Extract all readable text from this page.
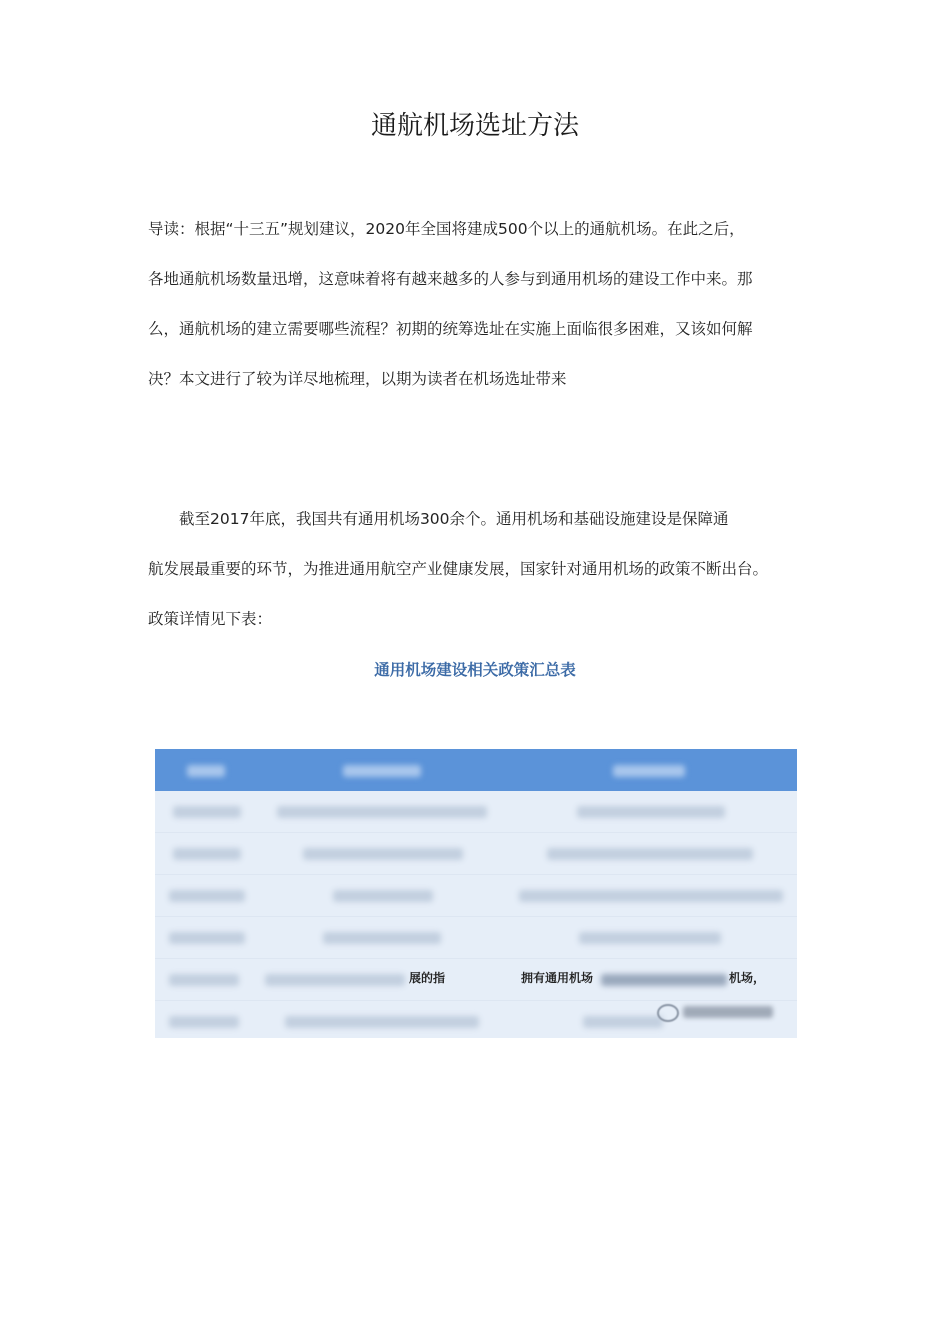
通航机场选址方法

导读：根据“十三五”规划建议，2020年全国将建成500个以上的通航机场。在此之后，
各地通航机场数量迅增，这意味着将有越来越多的人参与到通用机场的建设工作中来。那
么，通航机场的建立需要哪些流程？初期的统筹选址在实施上面临很多困难，又该如何解
决？本文进行了较为详尽地梳理，以期为读者在机场选址带来

截至2017年底，我国共有通用机场300余个。通用机场和基础设施建设是保障通
航发展最重要的环节，为推进通用航空产业健康发展，国家针对通用机场的政策不断出台。
政策详情见下表：

通用机场建设相关政策汇总表
展的指	拥有通用机场	机场，
